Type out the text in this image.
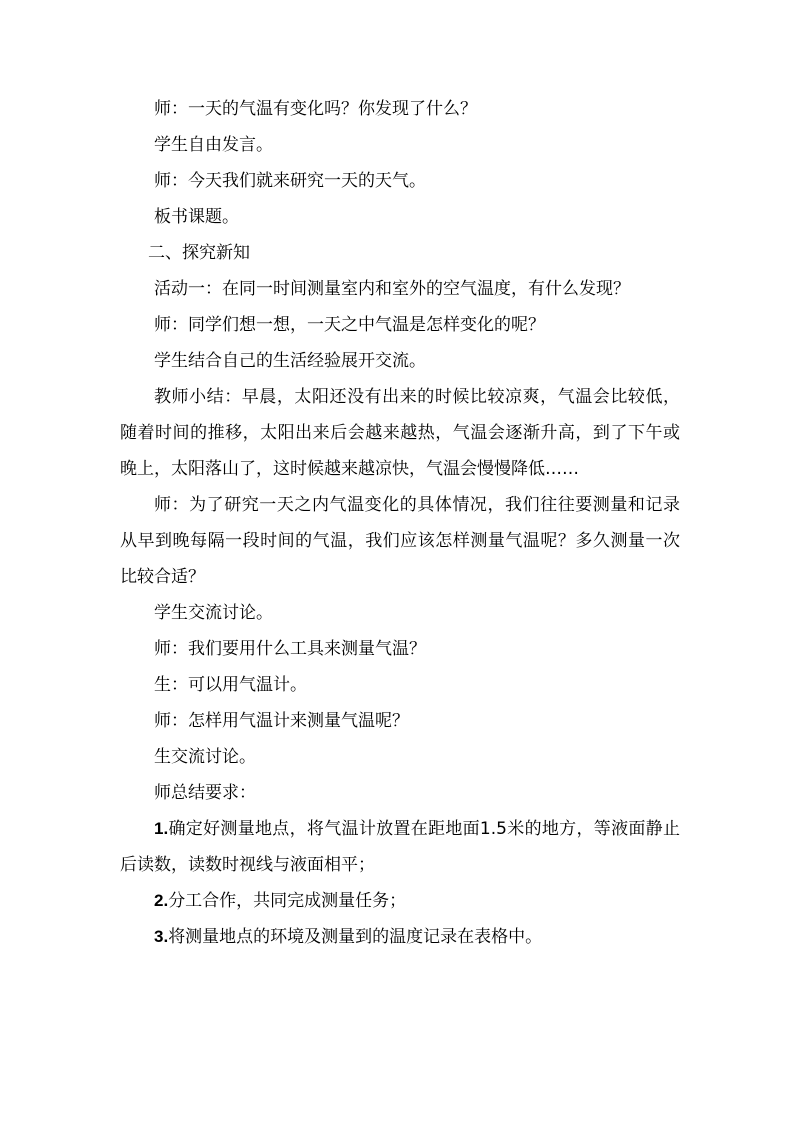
师：一天的气温有变化吗？你发现了什么？

学生自由发言。

师：今天我们就来研究一天的天气。

板书课题。

二、探究新知

活动一：在同一时间测量室内和室外的空气温度，有什么发现？

师：同学们想一想，一天之中气温是怎样变化的呢？

学生结合自己的生活经验展开交流。

教师小结：早晨，太阳还没有出来的时候比较凉爽，气温会比较低，随着时间的推移，太阳出来后会越来越热，气温会逐渐升高，到了下午或晚上，太阳落山了，这时候越来越凉快，气温会慢慢降低……

师：为了研究一天之内气温变化的具体情况，我们往往要测量和记录从早到晚每隔一段时间的气温，我们应该怎样测量气温呢？多久测量一次比较合适？

学生交流讨论。

师：我们要用什么工具来测量气温？

生：可以用气温计。

师：怎样用气温计来测量气温呢？

生交流讨论。

师总结要求：

1.确定好测量地点，将气温计放置在距地面1.5米的地方，等液面静止后读数，读数时视线与液面相平；

2.分工合作，共同完成测量任务；

3.将测量地点的环境及测量到的温度记录在表格中。
